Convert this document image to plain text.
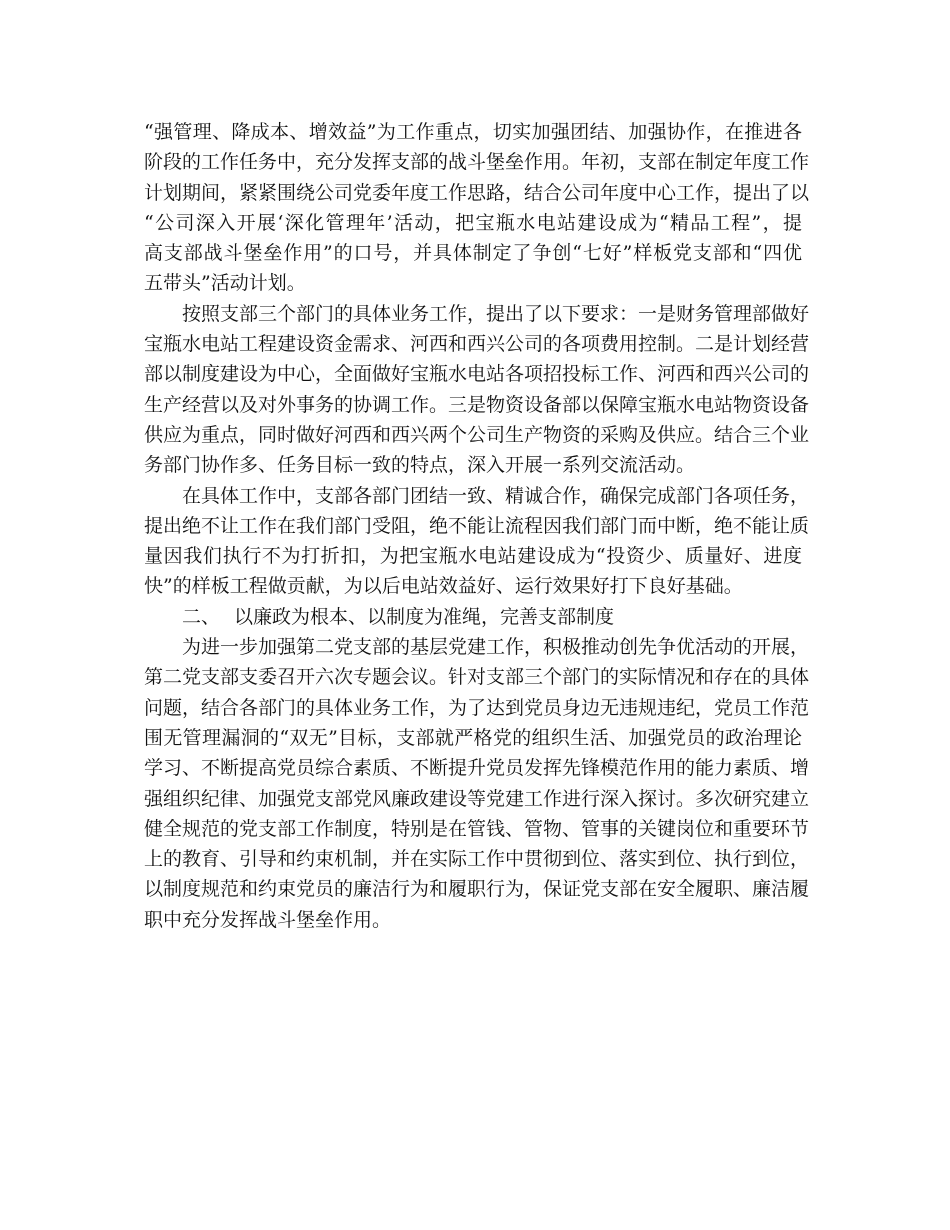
“强管理、降成本、增效益”为工作重点，切实加强团结、加强协作，在推进各
阶段的工作任务中，充分发挥支部的战斗堡垒作用。年初，支部在制定年度工作
计划期间，紧紧围绕公司党委年度工作思路，结合公司年度中心工作，提出了以
“公司深入开展‘深化管理年’活动，把宝瓶水电站建设成为“精品工程”，提
高支部战斗堡垒作用”的口号，并具体制定了争创“七好”样板党支部和“四优
五带头”活动计划。
按照支部三个部门的具体业务工作，提出了以下要求：一是财务管理部做好
宝瓶水电站工程建设资金需求、河西和西兴公司的各项费用控制。二是计划经营
部以制度建设为中心，全面做好宝瓶水电站各项招投标工作、河西和西兴公司的
生产经营以及对外事务的协调工作。三是物资设备部以保障宝瓶水电站物资设备
供应为重点，同时做好河西和西兴两个公司生产物资的采购及供应。结合三个业
务部门协作多、任务目标一致的特点，深入开展一系列交流活动。
在具体工作中，支部各部门团结一致、精诚合作，确保完成部门各项任务，
提出绝不让工作在我们部门受阻，绝不能让流程因我们部门而中断，绝不能让质
量因我们执行不为打折扣，为把宝瓶水电站建设成为“投资少、质量好、进度
快”的样板工程做贡献，为以后电站效益好、运行效果好打下良好基础。
二、 以廉政为根本、以制度为准绳，完善支部制度
为进一步加强第二党支部的基层党建工作，积极推动创先争优活动的开展，
第二党支部支委召开六次专题会议。针对支部三个部门的实际情况和存在的具体
问题，结合各部门的具体业务工作，为了达到党员身边无违规违纪，党员工作范
围无管理漏洞的“双无”目标，支部就严格党的组织生活、加强党员的政治理论
学习、不断提高党员综合素质、不断提升党员发挥先锋模范作用的能力素质、增
强组织纪律、加强党支部党风廉政建设等党建工作进行深入探讨。多次研究建立
健全规范的党支部工作制度，特别是在管钱、管物、管事的关键岗位和重要环节
上的教育、引导和约束机制，并在实际工作中贯彻到位、落实到位、执行到位，
以制度规范和约束党员的廉洁行为和履职行为，保证党支部在安全履职、廉洁履
职中充分发挥战斗堡垒作用。
